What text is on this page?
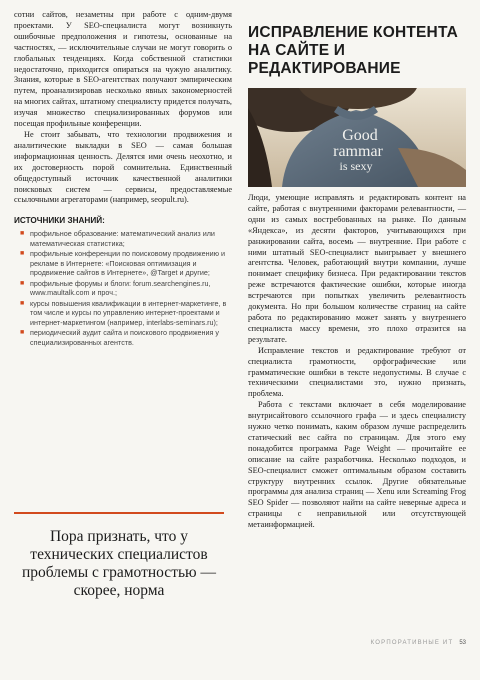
сотни сайтов, незаметны при работе с одним-двумя проектами. У SEO-специалиста могут возникнуть ошибочные предположения и гипотезы, основанные на частностях, — исключительные случаи не могут говорить о глобальных тенденциях. Когда собственной статистики недостаточно, приходится опираться на чужую аналитику. Знания, которые в SEO-агентствах получают эмпирическим путем, проанализировав несколько явных закономерностей на многих сайтах, штатному специалисту придется получать, изучая множество специализированных форумов или посещая профильные конференции.

Не стоит забывать, что технологии продвижения и аналитические выкладки в SEO — самая большая информационная ценность. Делятся ими очень неохотно, и их достоверность порой сомнительна. Единственный общедоступный источник качественной аналитики поисковых систем — сервисы, предоставляемые ссылочными агрегаторами (например, seopult.ru).

ИСТОЧНИКИ ЗНАНИЙ:
■ профильное образование: математический анализ или математическая статистика;
■ профильные конференции по поисковому продвижению и рекламе в Интернете: «Поисковая оптимизация и продвижение сайтов в Интернете», @Target и другие;
■ профильные форумы и блоги: forum.searchengines.ru, www.maultalk.com и проч.;
■ курсы повышения квалификации в интернет-маркетинге, в том числе и курсы по управлению интернет-проектами и интернет-маркетингом (например, interlabs-seminars.ru);
■ периодический аудит сайта и поискового продвижения у специализированных агентств.
Пора признать, что у технических специалистов проблемы с грамотностью — скорее, норма
ИСПРАВЛЕНИЕ КОНТЕНТА НА САЙТЕ И РЕДАКТИРОВАНИЕ
Good
rammar
is sexy

Люди, умеющие исправлять и редактировать контент на сайте, работая с внутренними факторами релевантности, — одни из самых востребованных на рынке. По данным «Яндекса», из десяти факторов, учитывающихся при ранжировании сайта, восемь — внутренние. При работе с ними штатный SEO-специалист выигрывает у внешнего агентства. Человек, работающий внутри компании, лучше понимает специфику бизнеса. При редактировании текстов реже встречаются фактические ошибки, которые иногда встречаются при попытках увеличить релевантность документа. Но при большом количестве страниц на сайте работа по редактированию может занять у внутреннего специалиста массу времени, это плохо отразится на результате.

Исправление текстов и редактирование требуют от специалиста грамотности, орфографические или грамматические ошибки в тексте недопустимы. В случае с техническими специалистами это, нужно признать, проблема.

Работа с текстами включает в себя моделирование внутрисайтового ссылочного графа — и здесь специалисту нужно четко понимать, каким образом лучше распределить статический вес сайта по страницам. Для этого ему понадобится программа Page Weight — прочитайте ее описание на сайте разработчика. Несколько подходов, и SEO-специалист сможет оптимальным образом составить структуру внутренних ссылок. Другие обязательные программы для анализа страниц — Xenu или Screaming Frog SEO Spider — позволяют найти на сайте неверные адреса и страницы с неправильной или отсутствующей метаинформацией.

КОРПОРАТИВНЫЕ ИТ 53
